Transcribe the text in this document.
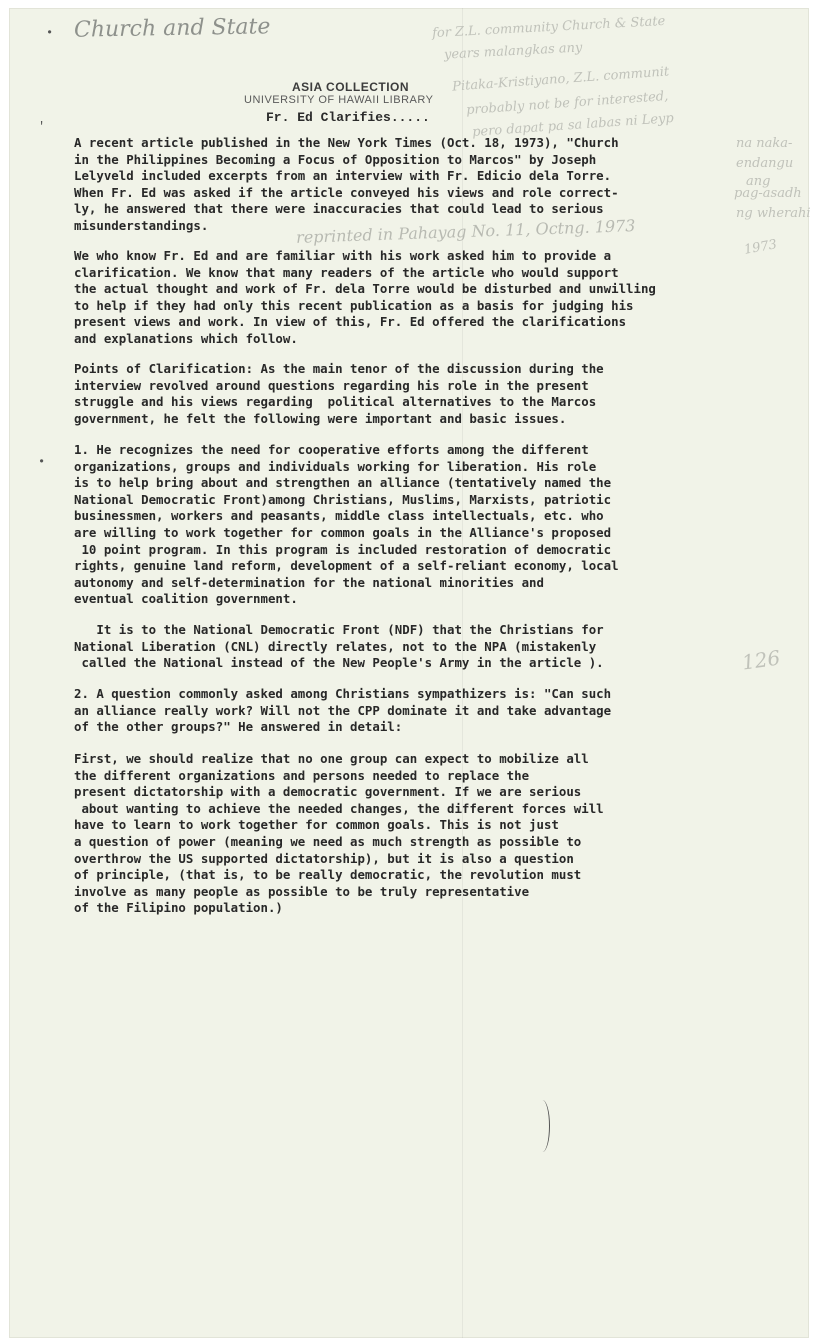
•
'
•
Church and State	for Z.L. community Church & State
years malangkas any
Pitaka-Kristiyano, Z.L. communit
probably not be for interested,
pero dapat pa sa labas ni Leyp
na naka-
endangu
ang
pag-asadh
ng wherahi
1973
reprinted in Pahayag No. 11, Octng. 1973
ASIA COLLECTION
UNIVERSITY OF HAWAII LIBRARY
Fr. Ed Clarifies.....
A recent article published in the New York Times (Oct. 18, 1973), "Church
in the Philippines Becoming a Focus of Opposition to Marcos" by Joseph
Lelyveld included excerpts from an interview with Fr. Edicio dela Torre.
When Fr. Ed was asked if the article conveyed his views and role correct-
ly, he answered that there were inaccuracies that could lead to serious
misunderstandings.
We who know Fr. Ed and are familiar with his work asked him to provide a
clarification. We know that many readers of the article who would support
the actual thought and work of Fr. dela Torre would be disturbed and unwilling
to help if they had only this recent publication as a basis for judging his
present views and work. In view of this, Fr. Ed offered the clarifications
and explanations which follow.
Points of Clarification: As the main tenor of the discussion during the
interview revolved around questions regarding his role in the present
struggle and his views regarding  political alternatives to the Marcos
government, he felt the following were important and basic issues.
1. He recognizes the need for cooperative efforts among the different
organizations, groups and individuals working for liberation. His role
is to help bring about and strengthen an alliance (tentatively named the
National Democratic Front)among Christians, Muslims, Marxists, patriotic
businessmen, workers and peasants, middle class intellectuals, etc. who
are willing to work together for common goals in the Alliance's proposed
10 point program. In this program is included restoration of democratic
rights, genuine land reform, development of a self-reliant economy, local
autonomy and self-determination for the national minorities and
eventual coalition government.
It is to the National Democratic Front (NDF) that the Christians for
National Liberation (CNL) directly relates, not to the NPA (mistakenly
called the National instead of the New People's Army in the article ).
2. A question commonly asked among Christians sympathizers is: "Can such
an alliance really work? Will not the CPP dominate it and take advantage
of the other groups?" He answered in detail:
First, we should realize that no one group can expect to mobilize all
the different organizations and persons needed to replace the
present dictatorship with a democratic government. If we are serious
about wanting to achieve the needed changes, the different forces will
have to learn to work together for common goals. This is not just
a question of power (meaning we need as much strength as possible to
overthrow the US supported dictatorship), but it is also a question
of principle, (that is, to be really democratic, the revolution must
involve as many people as possible to be truly representative
of the Filipino population.)
126
